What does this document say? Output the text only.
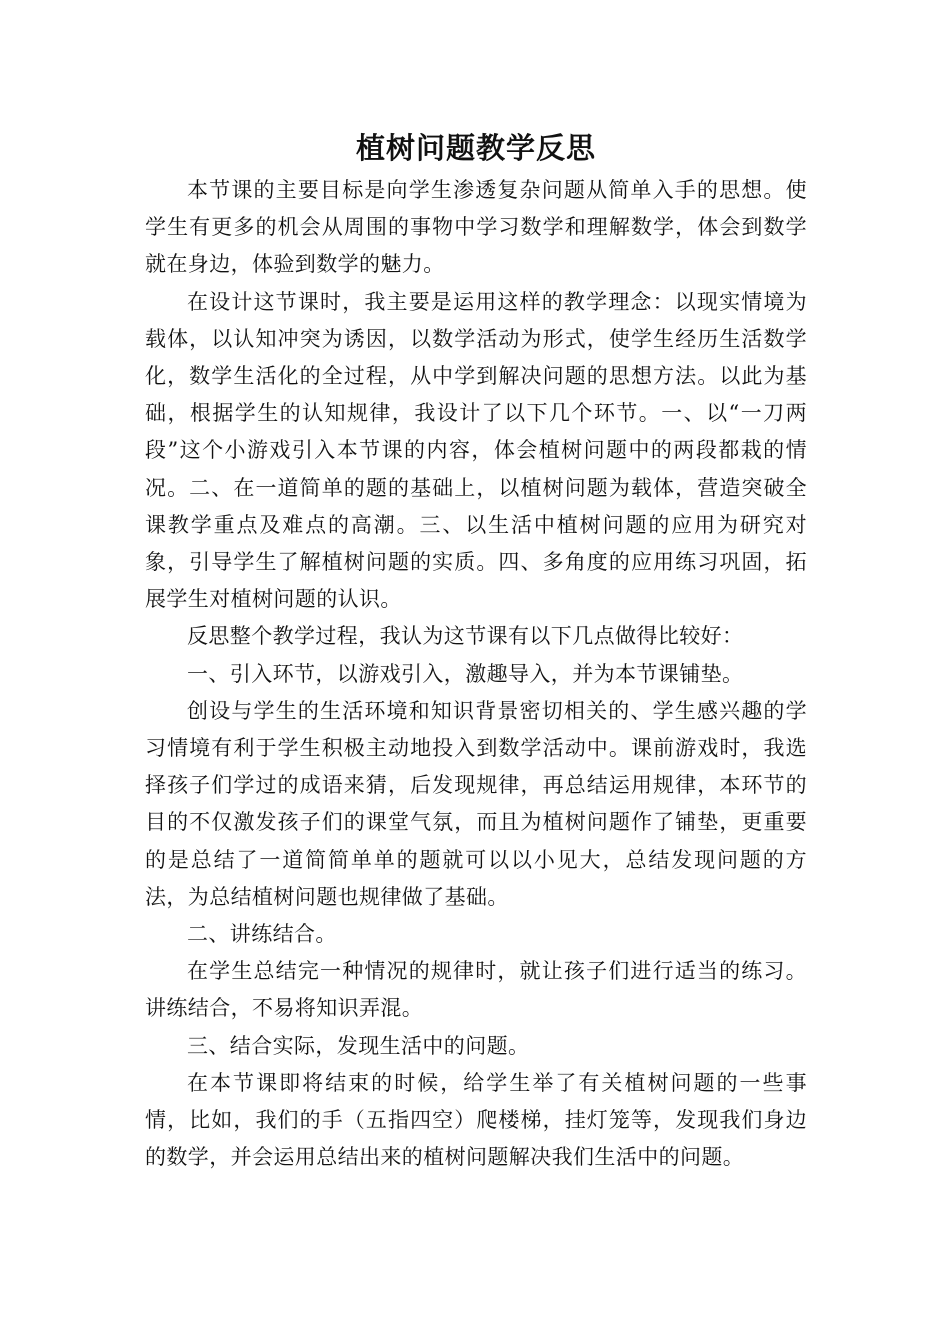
植树问题教学反思

本节课的主要目标是向学生渗透复杂问题从简单入手的思想。使学生有更多的机会从周围的事物中学习数学和理解数学，体会到数学就在身边，体验到数学的魅力。

在设计这节课时，我主要是运用这样的教学理念：以现实情境为载体，以认知冲突为诱因，以数学活动为形式，使学生经历生活数学化，数学生活化的全过程，从中学到解决问题的思想方法。以此为基础，根据学生的认知规律，我设计了以下几个环节。一、以“一刀两段”这个小游戏引入本节课的内容，体会植树问题中的两段都栽的情况。二、在一道简单的题的基础上，以植树问题为载体，营造突破全课教学重点及难点的高潮。三、以生活中植树问题的应用为研究对象，引导学生了解植树问题的实质。四、多角度的应用练习巩固，拓展学生对植树问题的认识。

反思整个教学过程，我认为这节课有以下几点做得比较好：

一、引入环节，以游戏引入，激趣导入，并为本节课铺垫。

创设与学生的生活环境和知识背景密切相关的、学生感兴趣的学习情境有利于学生积极主动地投入到数学活动中。课前游戏时，我选择孩子们学过的成语来猜，后发现规律，再总结运用规律，本环节的目的不仅激发孩子们的课堂气氛，而且为植树问题作了铺垫，更重要的是总结了一道简简单单的题就可以以小见大，总结发现问题的方法，为总结植树问题也规律做了基础。

二、讲练结合。

在学生总结完一种情况的规律时，就让孩子们进行适当的练习。讲练结合，不易将知识弄混。

三、结合实际，发现生活中的问题。

在本节课即将结束的时候，给学生举了有关植树问题的一些事情，比如，我们的手（五指四空）爬楼梯，挂灯笼等，发现我们身边的数学，并会运用总结出来的植树问题解决我们生活中的问题。
